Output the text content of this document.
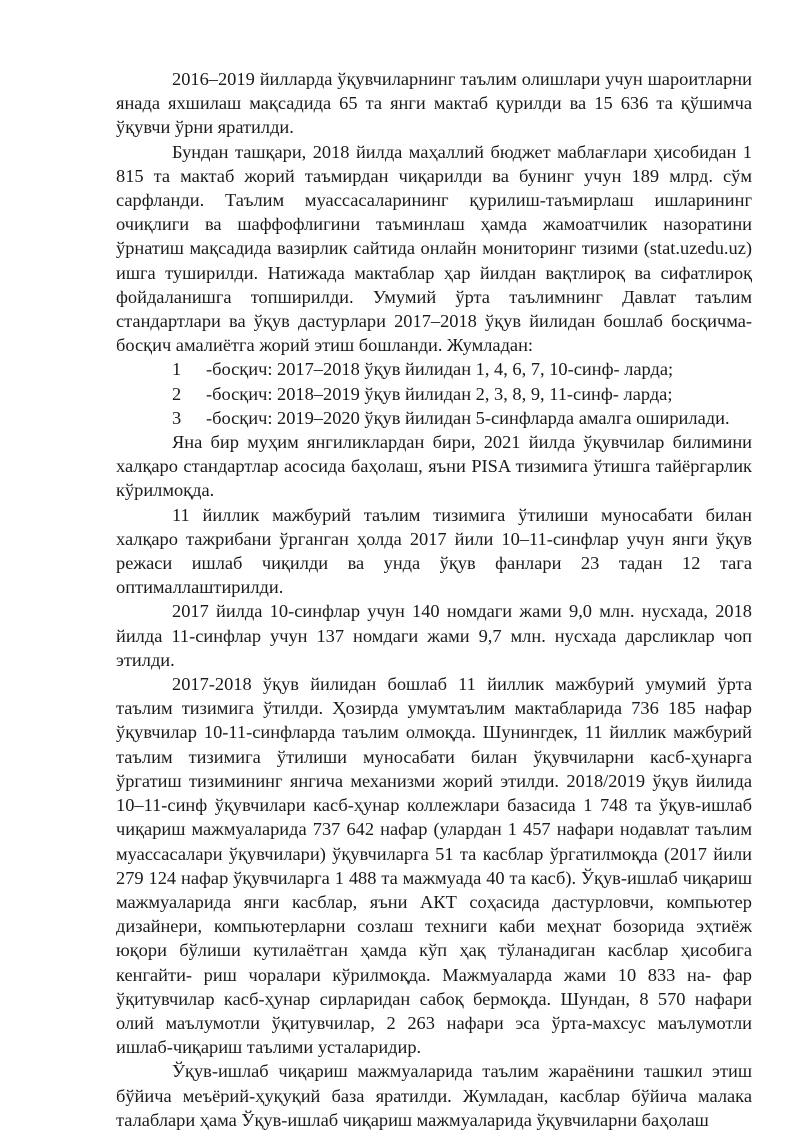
2016–2019 йилларда ўқувчиларнинг таълим олишлари учун шароитларни янада яхшилаш мақсадида 65 та янги мактаб қурилди ва 15 636 та қўшимча ўқувчи ўрни яратилди.

Бундан ташқари, 2018 йилда маҳаллий бюджет маблағлари ҳисобидан 1 815 та мактаб жорий таъмирдан чиқарилди ва бунинг учун 189 млрд. сўм сарфланди. Таълим муассасаларининг қурилиш-таъмирлаш ишларининг очиқлиги ва шаффофлигини таъминлаш ҳамда жамоатчилик назоратини ўрнатиш мақсадида вазирлик сайтида онлайн мониторинг тизими (stat.uzedu.uz) ишга туширилди. Натижада мактаблар ҳар йилдан вақтлироқ ва сифатлироқ фойдаланишга топширилди. Умумий ўрта таълимнинг Давлат таълим стандартлари ва ўқув дастурлари 2017–2018 ўқув йилидан бошлаб босқичма-босқич амалиётга жорий этиш бошланди. Жумладан:

1 -босқич: 2017–2018 ўқув йилидан 1, 4, 6, 7, 10-синф- ларда;

2 -босқич: 2018–2019 ўқув йилидан 2, 3, 8, 9, 11-синф- ларда;

3 -босқич: 2019–2020 ўқув йилидан 5-синфларда амалга оширилади.

Яна бир муҳим янгиликлардан бири, 2021 йилда ўқувчилар билимини халқаро стандартлар асосида баҳолаш, яъни PISA тизимига ўтишга тайёргарлик кўрилмоқда.

11 йиллик мажбурий таълим тизимига ўтилиши муносабати билан халқаро тажрибани ўрганган ҳолда 2017 йили 10–11-синфлар учун янги ўқув режаси ишлаб чиқилди ва унда ўқув фанлари 23 тадан 12 тага оптималлаштирилди.

2017 йилда 10-синфлар учун 140 номдаги жами 9,0 млн. нусхада, 2018 йилда 11-синфлар учун 137 номдаги жами 9,7 млн. нусхада дарсликлар чоп этилди.

2017-2018 ўқув йилидан бошлаб 11 йиллик мажбурий умумий ўрта таълим тизимига ўтилди. Ҳозирда умумтаълим мактабларида 736 185 нафар ўқувчилар 10-11-синфларда таълим олмоқда. Шунингдек, 11 йиллик мажбурий таълим тизимига ўтилиши муносабати билан ўқувчиларни касб-ҳунарга ўргатиш тизимининг янгича механизми жорий этилди. 2018/2019 ўқув йилида 10–11-синф ўқувчилари касб-ҳунар коллежлари базасида 1 748 та ўқув-ишлаб чиқариш мажмуаларида 737 642 нафар (улардан 1 457 нафари нодавлат таълим муассасалари ўқувчилари) ўқувчиларга 51 та касблар ўргатилмоқда (2017 йили 279 124 нафар ўқувчиларга 1 488 та мажмуада 40 та касб). Ўқув-ишлаб чиқариш мажмуаларида янги касблар, яъни АКТ соҳасида дастурловчи, компьютер дизайнери, компьютерларни созлаш техниги каби меҳнат бозорида эҳтиёж юқори бўлиши кутилаётган ҳамда кўп ҳақ тўланадиган касблар ҳисобига кенгайти- риш чоралари кўрилмоқда. Мажмуаларда жами 10 833 на- фар ўқитувчилар касб-ҳунар сирларидан сабоқ бермоқда. Шундан, 8 570 нафари олий маълумотли ўқитувчилар, 2 263 нафари эса ўрта-махсус маълумотли ишлаб-чиқариш таълими усталаридир.

Ўқув-ишлаб чиқариш мажмуаларида таълим жараёнини ташкил этиш бўйича меъёрий-ҳуқуқий база яратилди. Жумладан, касблар бўйича малака талаблари ҳама Ўқув-ишлаб чиқариш мажмуаларида ўқувчиларни баҳолаш
